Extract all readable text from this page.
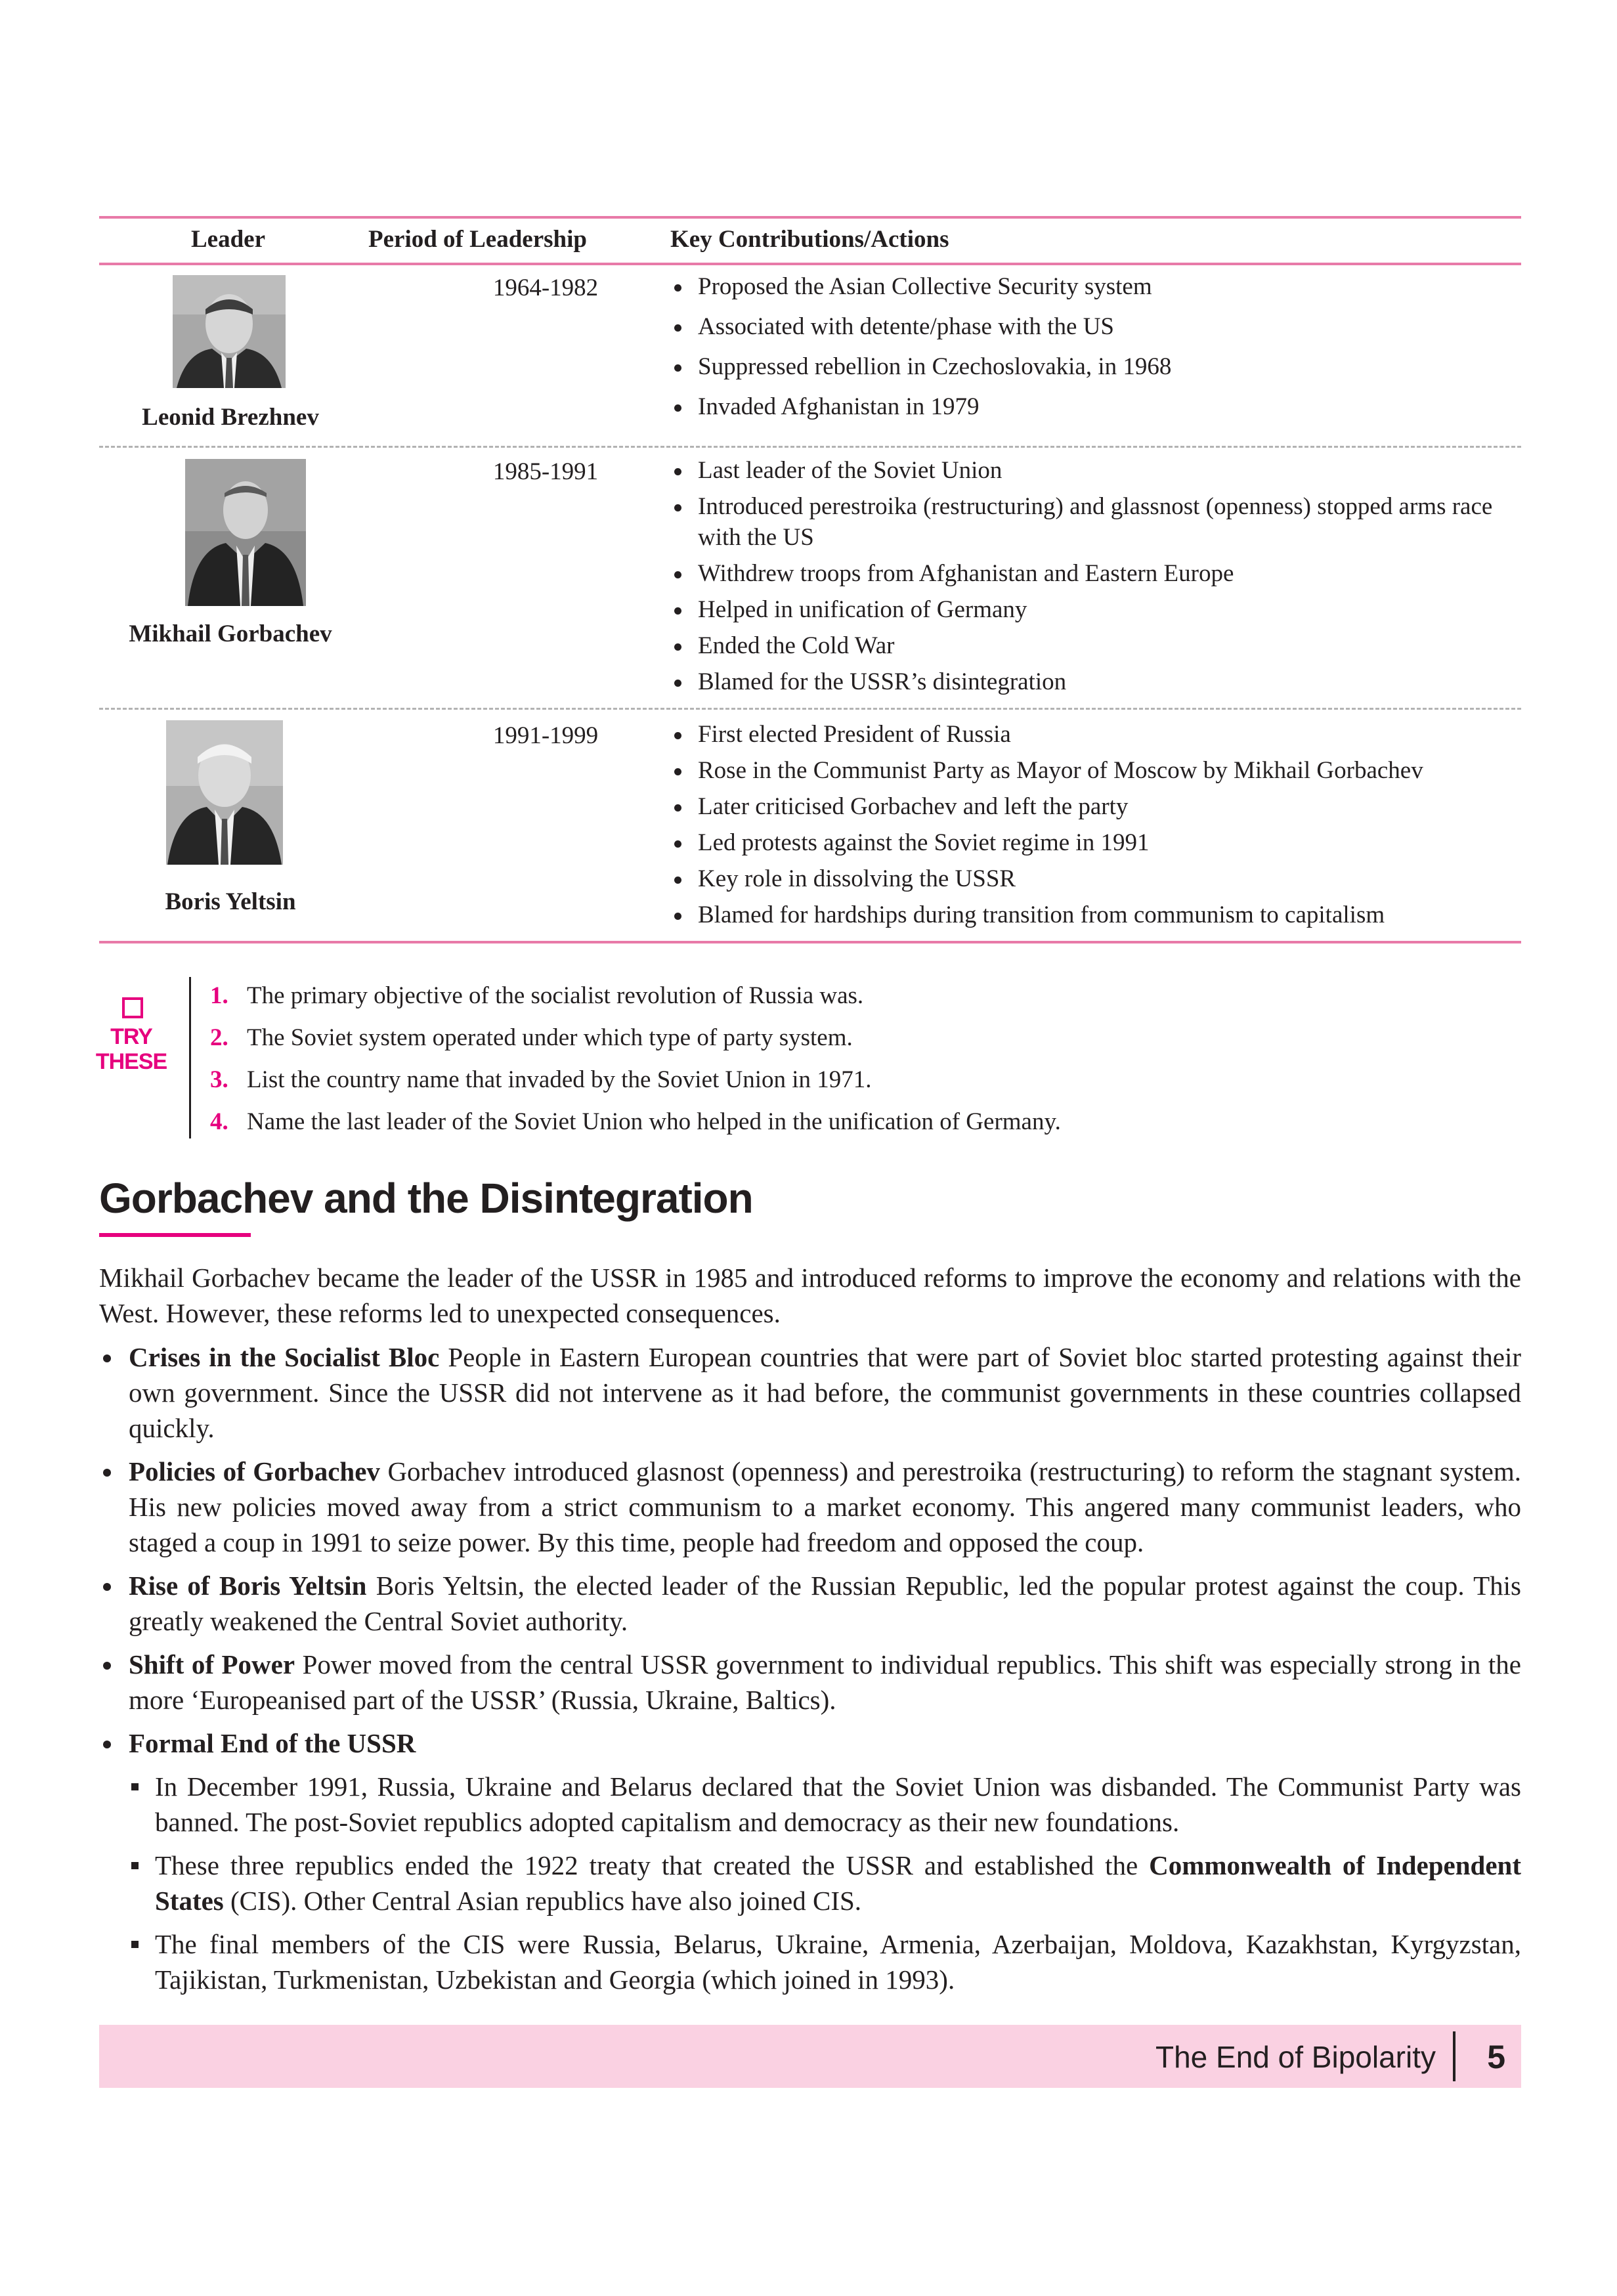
Leader	Period of Leadership	Key Contributions/Actions
Leonid Brezhnev
1964-1982	Proposed the Asian Collective Security system
Associated with detente/phase with the US
Suppressed rebellion in Czechoslovakia, in 1968
Invaded Afghanistan in 1979
Mikhail Gorbachev
1985-1991	Last leader of the Soviet Union
Introduced perestroika (restructuring) and glassnost (openness) stopped arms race with the US
Withdrew troops from Afghanistan and Eastern Europe
Helped in unification of Germany
Ended the Cold War
Blamed for the USSR’s disintegration
Boris Yeltsin
1991-1999	First elected President of Russia
Rose in the Communist Party as Mayor of Moscow by Mikhail Gorbachev
Later criticised Gorbachev and left the party
Led protests against the Soviet regime in 1991
Key role in dissolving the USSR
Blamed for hardships during transition from communism to capitalism
TRY
THESE
1. The primary objective of the socialist revolution of Russia was.
2. The Soviet system operated under which type of party system.
3. List the country name that invaded by the Soviet Union in 1971.
4. Name the last leader of the Soviet Union who helped in the unification of Germany.
Gorbachev and the Disintegration

Mikhail Gorbachev became the leader of the USSR in 1985 and introduced reforms to improve the economy and relations with the West. However, these reforms led to unexpected consequences.

Crises in the Socialist Bloc People in Eastern European countries that were part of Soviet bloc started protesting against their own government. Since the USSR did not intervene as it had before, the communist governments in these countries collapsed quickly.
Policies of Gorbachev Gorbachev introduced glasnost (openness) and perestroika (restructuring) to reform the stagnant system. His new policies moved away from a strict communism to a market economy. This angered many communist leaders, who staged a coup in 1991 to seize power. By this time, people had freedom and opposed the coup.
Rise of Boris Yeltsin Boris Yeltsin, the elected leader of the Russian Republic, led the popular protest against the coup. This greatly weakened the Central Soviet authority.
Shift of Power Power moved from the central USSR government to individual republics. This shift was especially strong in the more ‘Europeanised part of the USSR’ (Russia, Ukraine, Baltics).
Formal End of the USSR
In December 1991, Russia, Ukraine and Belarus declared that the Soviet Union was disbanded. The Communist Party was banned. The post-Soviet republics adopted capitalism and democracy as their new foundations.
These three republics ended the 1922 treaty that created the USSR and established the Commonwealth of Independent States (CIS). Other Central Asian republics have also joined CIS.
The final members of the CIS were Russia, Belarus, Ukraine, Armenia, Azerbaijan, Moldova, Kazakhstan, Kyrgyzstan, Tajikistan, Turkmenistan, Uzbekistan and Georgia (which joined in 1993).
The End of Bipolarity 5
